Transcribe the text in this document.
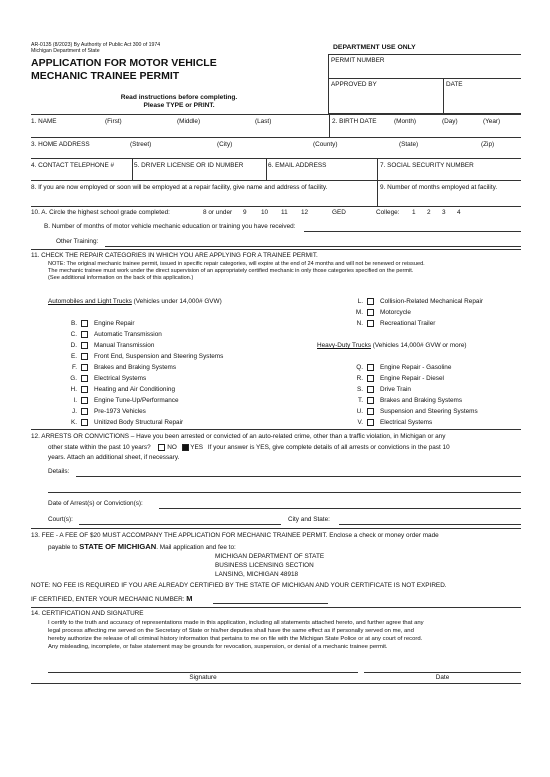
AR-0135 (8/2023) By Authority of Public Act 300 of 1974
Michigan Department of State
APPLICATION FOR MOTOR VEHICLE
MECHANIC TRAINEE PERMIT
Read instructions before completing.
Please TYPE or PRINT.
DEPARTMENT USE ONLY
PERMIT NUMBER
APPROVED BY	DATE
1. NAME	(First)	(Middle)	(Last)	2. BIRTH DATE	(Month)	(Day)	(Year)
3. HOME ADDRESS	(Street)	(City)	(County)	(State)	(Zip)
4. CONTACT TELEPHONE #	5. DRIVER LICENSE OR ID NUMBER	6. EMAIL ADDRESS	7. SOCIAL SECURITY NUMBER
8. If you are now employed or soon will be employed at a repair facility, give name and address of facility.	9. Number of months employed at facility.
10. A. Circle the highest school grade completed:	8 or under 9 10 11 12	GED	College: 1 2 3 4
B. Number of months of motor vehicle mechanic education or training you have received:
Other Training:
11. CHECK THE REPAIR CATEGORIES IN WHICH YOU ARE APPLYING FOR A TRAINEE PERMIT.
NOTE: The original mechanic trainee permit, issued in specific repair categories, will expire at the end of 24 months and will not be renewed or reissued.
The mechanic trainee must work under the direct supervision of an appropriately certified mechanic in only those categories specified on the permit.
(See additional information on the back of this application.)
Automobiles and Light Trucks (Vehicles under 14,000# GVW)
B.	Engine Repair
C.	Automatic Transmission
D.	Manual Transmission
E.	Front End, Suspension and Steering Systems
F.	Brakes and Braking Systems
G.	Electrical Systems
H.	Heating and Air Conditioning
I.	Engine Tune-Up/Performance
J.	Pre-1973 Vehicles
K.	Unitized Body Structural Repair
L.	Collision-Related Mechanical Repair
M.	Motorcycle
N.	Recreational Trailer
Heavy-Duty Trucks (Vehicles 14,000# GVW or more)
Q.	Engine Repair - Gasoline
R.	Engine Repair - Diesel
S.	Drive Train
T.	Brakes and Braking Systems
U.	Suspension and Steering Systems
V.	Electrical Systems
12. ARRESTS OR CONVICTIONS – Have you been arrested or convicted of an auto-related crime, other than a traffic violation, in Michigan or any
other state within the past 10 years?	NO YES If your answer is YES, give complete details of all arrests or convictions in the past 10
years. Attach an additional sheet, if necessary.
Details:
Date of Arrest(s) or Conviction(s):
Court(s):	City and State:
13. FEE - A FEE OF $20 MUST ACCOMPANY THE APPLICATION FOR MECHANIC TRAINEE PERMIT. Enclose a check or money order made
payable to STATE OF MICHIGAN. Mail application and fee to:
MICHIGAN DEPARTMENT OF STATE
BUSINESS LICENSING SECTION
LANSING, MICHIGAN 48918
NOTE: NO FEE IS REQUIRED IF YOU ARE ALREADY CERTIFIED BY THE STATE OF MICHIGAN AND YOUR CERTIFICATE IS NOT EXPIRED.
IF CERTIFIED, ENTER YOUR MECHANIC NUMBER: M
14. CERTIFICATION AND SIGNATURE
I certify to the truth and accuracy of representations made in this application, including all statements attached hereto, and further agree that any
legal process affecting me served on the Secretary of State or his/her deputies shall have the same effect as if personally served on me, and
hereby authorize the release of all criminal history information that pertains to me on file with the Michigan State Police or at any court of record.
Any misleading, incomplete, or false statement may be grounds for revocation, suspension, or denial of a mechanic trainee permit.
Signature	Date
